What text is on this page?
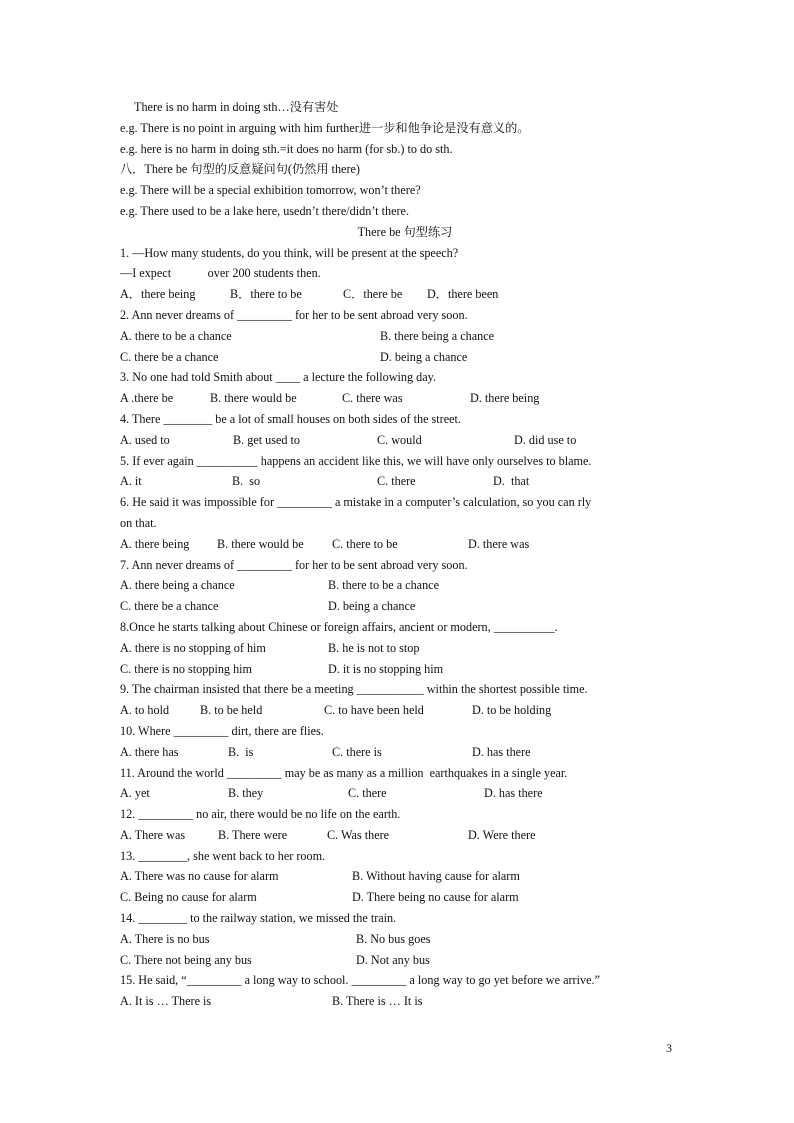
There is no harm in doing sth…没有害处
e.g. There is no point in arguing with him further进一步和他争论是没有意义的。
e.g. here is no harm in doing sth.=it does no harm (for sb.) to do sth.
八．There be 句型的反意疑问句(仍然用 there)
e.g. There will be a special exhibition tomorrow, won’t there?
e.g. There used to be a lake here, usedn’t there/didn’t there.
There be 句型练习
1. —How many students, do you think, will be present at the speech?
—I expect            over 200 students then.
A．there being	B．there to be	C．there be	D．there been
2. Ann never dreams of _________ for her to be sent abroad very soon.
A. there to be a chance	B. there being a chance
C. there be a chance	D. being a chance
3. No one had told Smith about ____ a lecture the following day.
A .there be	B. there would be	C. there was	D. there being
4. There ________ be a lot of small houses on both sides of the street.
A. used to	B. get used to	C. would	D. did use to
5. If ever again __________ happens an accident like this, we will have only ourselves to blame.
A. it	B.  so	C. there	D.  that
6. He said it was impossible for _________ a mistake in a computer’s calculation, so you can rly
on that.
A. there being	B. there would be	C. there to be	D. there was
7. Ann never dreams of _________ for her to be sent abroad very soon.
A. there being a chance	B. there to be a chance
C. there be a chance	D. being a chance
8.Once he starts talking about Chinese or foreign affairs, ancient or modern, __________.
A. there is no stopping of him	B. he is not to stop
C. there is no stopping him	D. it is no stopping him
9. The chairman insisted that there be a meeting ___________ within the shortest possible time.
A. to hold	B. to be held	C. to have been held	D. to be holding
10. Where _________ dirt, there are flies.
A. there has	B.  is	C. there is	D. has there
11. Around the world _________ may be as many as a million  earthquakes in a single year.
A. yet	B. they	C. there	D. has there
12. _________ no air, there would be no life on the earth.
A. There was	B. There were	C. Was there	D. Were there
13. ________, she went back to her room.
A. There was no cause for alarm	B. Without having cause for alarm
C. Being no cause for alarm	D. There being no cause for alarm
14. ________ to the railway station, we missed the train.
A. There is no bus	B. No bus goes
C. There not being any bus	D. Not any bus
15. He said, “_________ a long way to school. _________ a long way to go yet before we arrive.”
A. It is … There is	B. There is … It is
3
